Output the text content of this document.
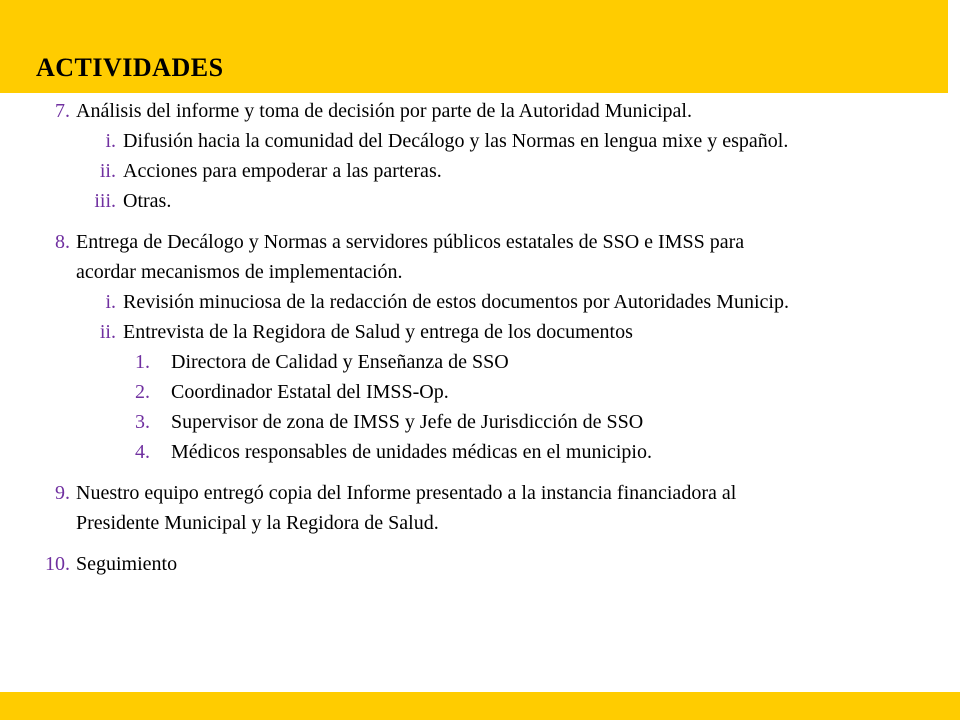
ACTIVIDADES
7. Análisis del informe y toma de decisión por parte de la Autoridad Municipal.
i. Difusión hacia la comunidad del Decálogo y las Normas en lengua mixe y español.
ii. Acciones para empoderar a las parteras.
iii. Otras.
8. Entrega de Decálogo y Normas a servidores públicos estatales de SSO e IMSS para
acordar mecanismos de implementación.
i. Revisión minuciosa de la redacción de estos documentos por Autoridades Municip.
ii. Entrevista de la Regidora de Salud y entrega de los documentos
1. Directora de Calidad y Enseñanza de SSO
2. Coordinador Estatal del IMSS-Op.
3. Supervisor de zona de IMSS y Jefe de Jurisdicción de SSO
4. Médicos responsables de unidades médicas en el municipio.
9. Nuestro equipo entregó copia del Informe presentado a la instancia financiadora al
Presidente Municipal y la Regidora de Salud.
10. Seguimiento
